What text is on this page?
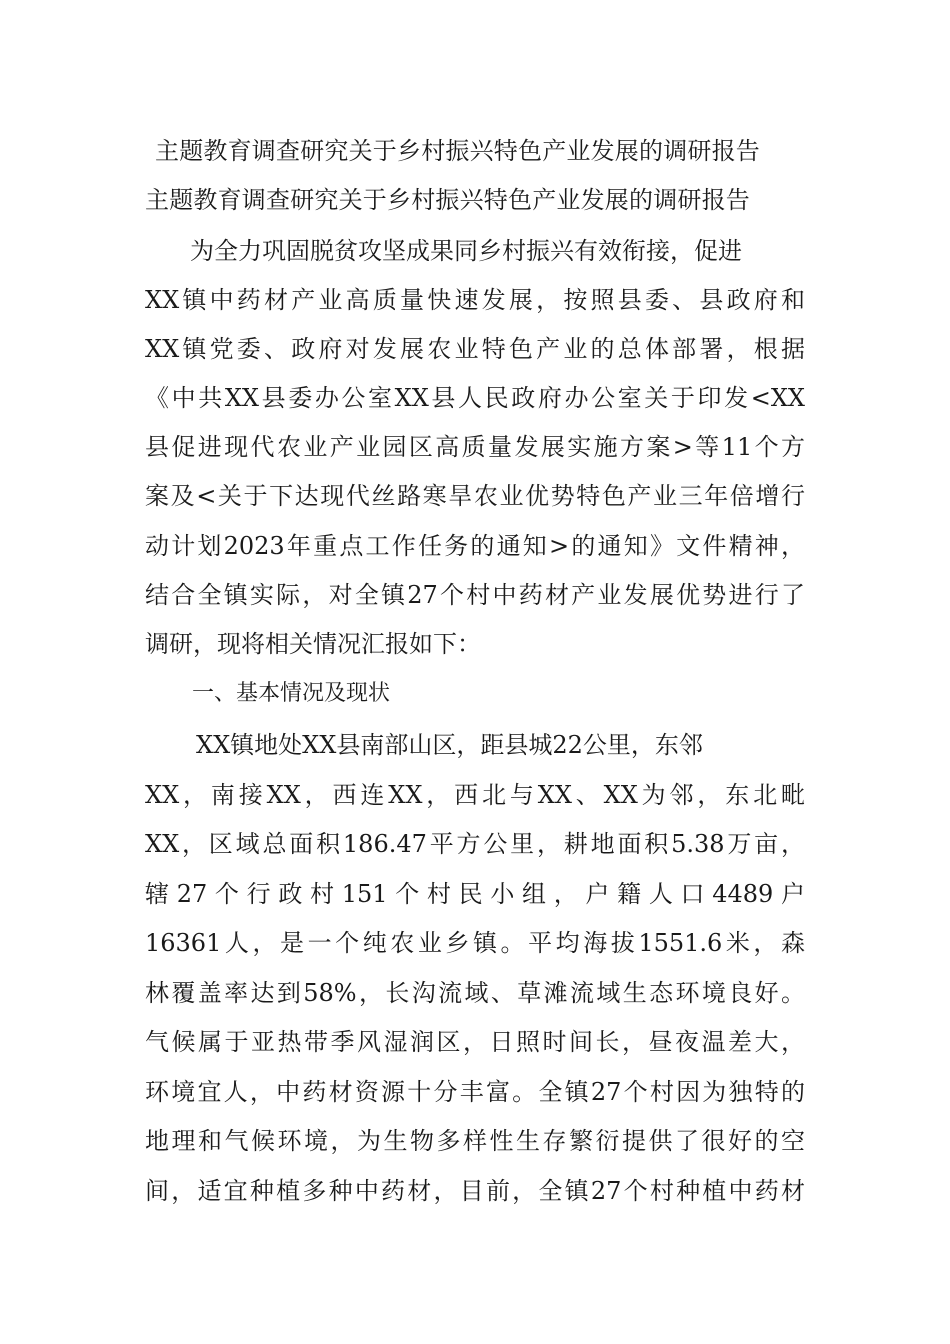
主题教育调查研究关于乡村振兴特色产业发展的调研报告
主题教育调查研究关于乡村振兴特色产业发展的调研报告
为全力巩固脱贫攻坚成果同乡村振兴有效衔接，促进
XX镇中药材产业高质量快速发展，按照县委、县政府和
XX镇党委、政府对发展农业特色产业的总体部署，根据
《中共XX县委办公室XX县人民政府办公室关于印发<XX
县促进现代农业产业园区高质量发展实施方案>等11个方
案及<关于下达现代丝路寒旱农业优势特色产业三年倍增行
动计划2023年重点工作任务的通知>的通知》文件精神，
结合全镇实际，对全镇27个村中药材产业发展优势进行了
调研，现将相关情况汇报如下：
一、基本情况及现状
XX镇地处XX县南部山区，距县城22公里，东邻
XX，南接XX，西连XX，西北与XX、XX为邻，东北毗
XX，区域总面积186.47平方公里，耕地面积5.38万亩，
辖 27 个 行 政 村 151 个 村 民 小 组 ， 户 籍 人 口 4489 户
16361人，是一个纯农业乡镇。平均海拔1551.6米，森
林覆盖率达到58%，长沟流域、草滩流域生态环境良好。
气候属于亚热带季风湿润区，日照时间长，昼夜温差大，
环境宜人，中药材资源十分丰富。全镇27个村因为独特的
地理和气候环境，为生物多样性生存繁衍提供了很好的空
间，适宜种植多种中药材，目前，全镇27个村种植中药材
